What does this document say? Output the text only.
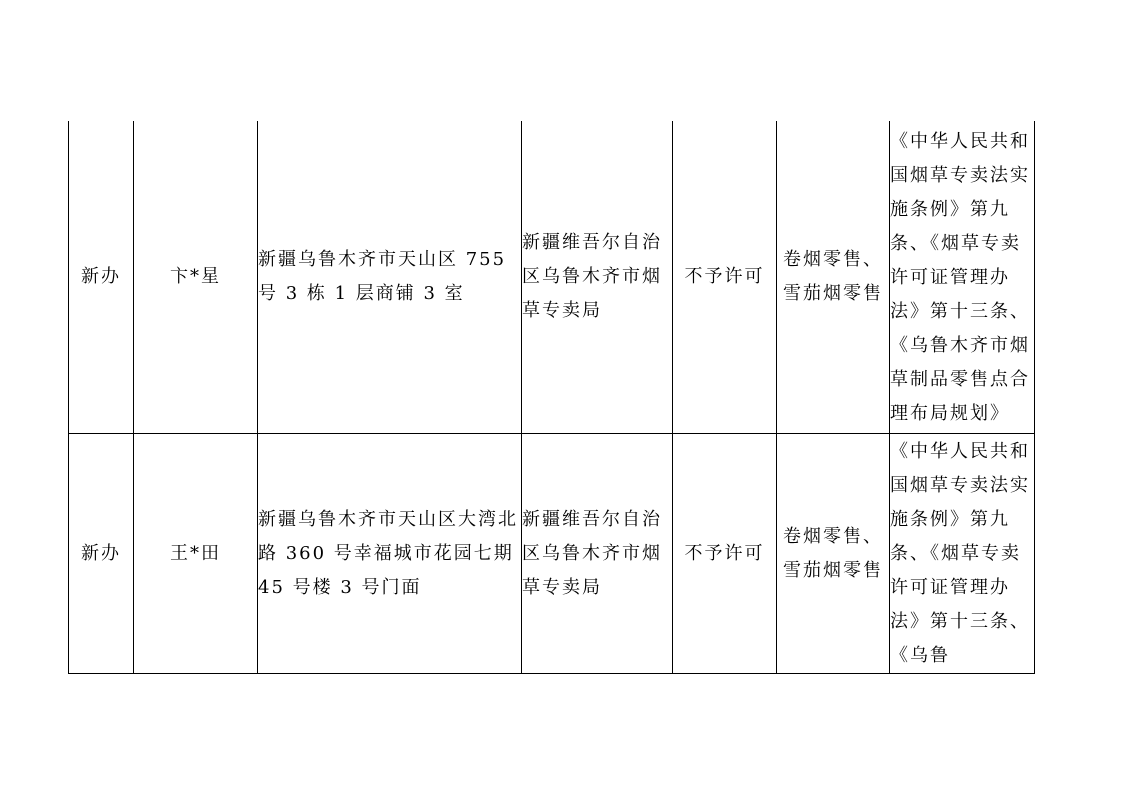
新办	卞*星	新疆乌鲁木齐市天山区 755 号 3 栋 1 层商铺 3 室	新疆维吾尔自治区乌鲁木齐市烟草专卖局	不予许可	卷烟零售、雪茄烟零售	《中华人民共和国烟草专卖法实施条例》第九条、《烟草专卖许可证管理办法》第十三条、《乌鲁木齐市烟草制品零售点合理布局规划》
新办	王*田	新疆乌鲁木齐市天山区大湾北路 360 号幸福城市花园七期 45 号楼 3 号门面	新疆维吾尔自治区乌鲁木齐市烟草专卖局	不予许可	卷烟零售、雪茄烟零售	《中华人民共和国烟草专卖法实施条例》第九条、《烟草专卖许可证管理办法》第十三条、《乌鲁
